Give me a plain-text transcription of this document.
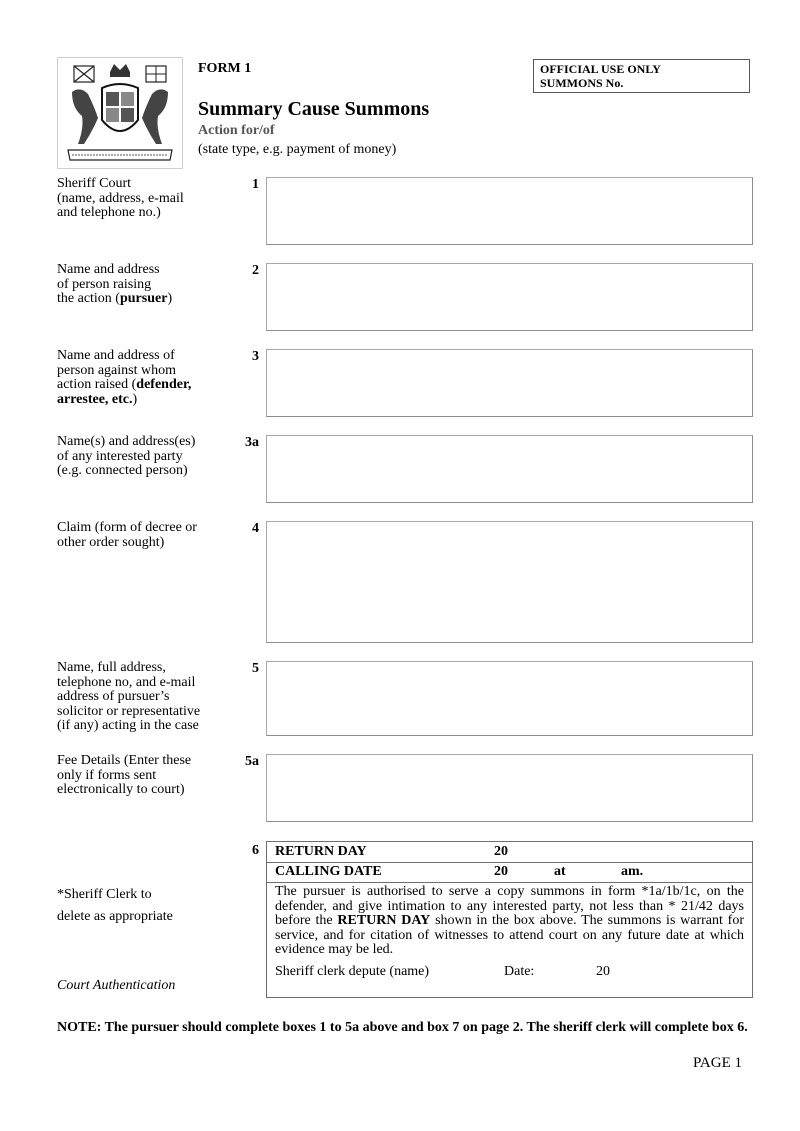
FORM 1	OFFICIAL USE ONLY
SUMMONS No.
Summary Cause Summons
Action for/of
(state type, e.g. payment of money)
Sheriff Court
(name, address, e-mail
and telephone no.)
1
Name and address
of person raising
the action (pursuer)
2
Name and address of
person against whom
action raised (defender,
arrestee, etc.)
3
Name(s) and address(es)
of any interested party
(e.g. connected person)
3a
Claim (form of decree or
other order sought)
4
Name, full address,
telephone no, and e-mail
address of pursuer’s
solicitor or representative
(if any) acting in the case
5
Fee Details (Enter these
only if forms sent
electronically to court)
5a
6 RETURN DAY	20
CALLING DATE	20	at	am.
The pursuer is authorised to serve a copy summons in form *1a/1b/1c, on the defender, and give intimation to any interested party, not less than * 21/42 days before the RETURN DAY shown in the box above. The summons is warrant for service, and for citation of witnesses to attend court on any future date at which evidence may be led.
Sheriff clerk depute (name)	Date:	20
*Sheriff Clerk to
delete as appropriate
Court Authentication
NOTE: The pursuer should complete boxes 1 to 5a above and box 7 on page 2. The sheriff clerk will complete box 6.
PAGE 1
